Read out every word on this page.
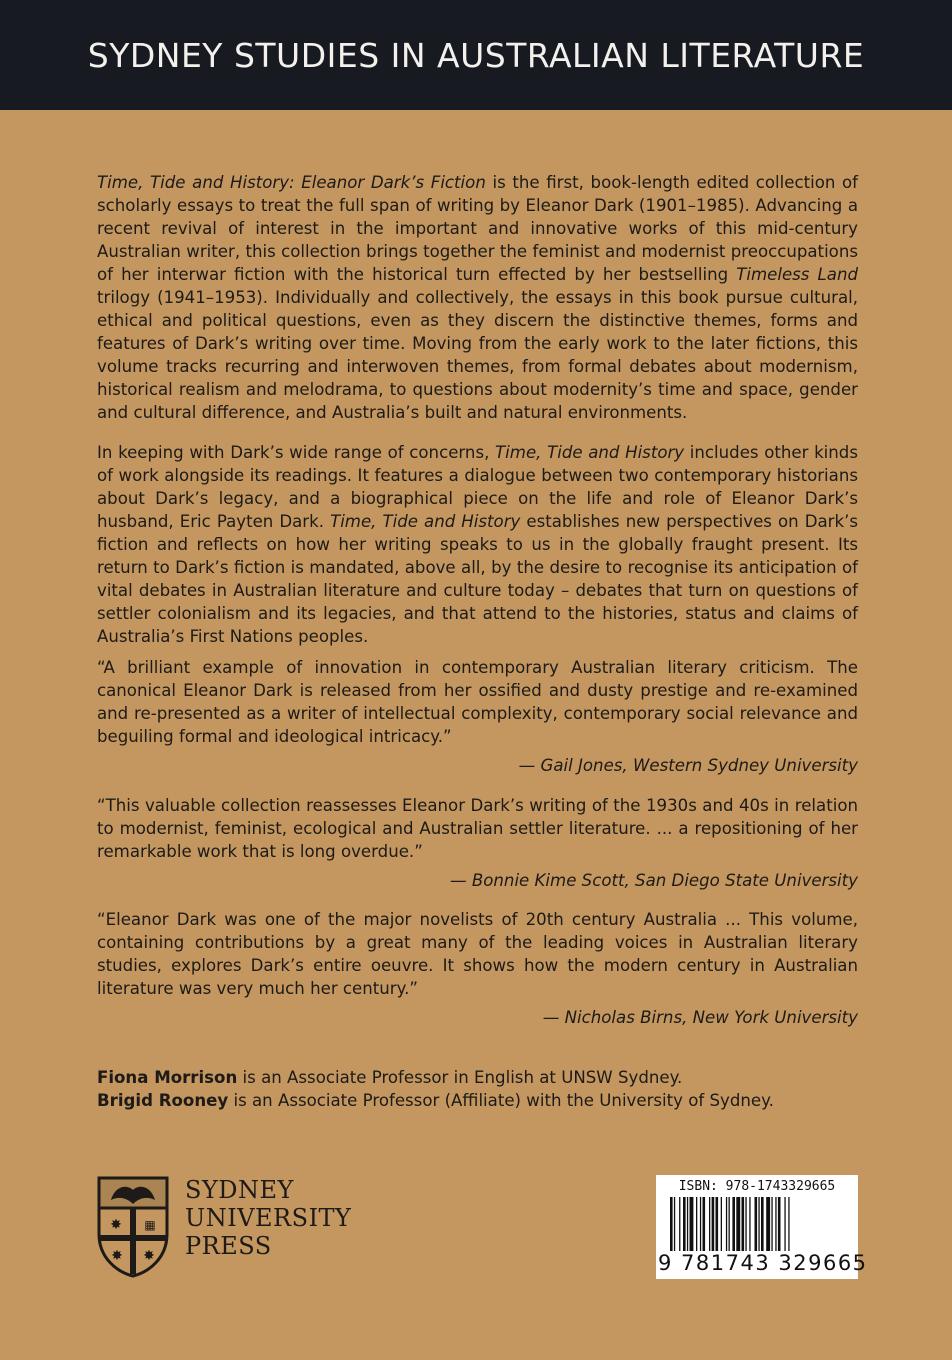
SYDNEY STUDIES IN AUSTRALIAN LITERATURE

Time, Tide and History: Eleanor Dark’s Fiction is the first, book-length edited collection of scholarly essays to treat the full span of writing by Eleanor Dark (1901–1985). Advancing a recent revival of interest in the important and innovative works of this mid-century Australian writer, this collection brings together the feminist and modernist preoccupations of her interwar fiction with the historical turn effected by her bestselling Timeless Land trilogy (1941–1953). Individually and collectively, the essays in this book pursue cultural, ethical and political questions, even as they discern the distinctive themes, forms and features of Dark’s writing over time. Moving from the early work to the later fictions, this volume tracks recurring and interwoven themes, from formal debates about modernism, historical realism and melodrama, to questions about modernity’s time and space, gender and cultural difference, and Australia’s built and natural environments.

In keeping with Dark’s wide range of concerns, Time, Tide and History includes other kinds of work alongside its readings. It features a dialogue between two contemporary historians about Dark’s legacy, and a biographical piece on the life and role of Eleanor Dark’s husband, Eric Payten Dark. Time, Tide and History establishes new perspectives on Dark’s fiction and reflects on how her writing speaks to us in the globally fraught present. Its return to Dark’s fiction is mandated, above all, by the desire to recognise its anticipation of vital debates in Australian literature and culture today – debates that turn on questions of settler colonialism and its legacies, and that attend to the histories, status and claims of Australia’s First Nations peoples.

“A brilliant example of innovation in contemporary Australian literary criticism. The canonical Eleanor Dark is released from her ossified and dusty prestige and re-examined and re-presented as a writer of intellectual complexity, contemporary social relevance and beguiling formal and ideological intricacy.”

— Gail Jones, Western Sydney University

“This valuable collection reassesses Eleanor Dark’s writing of the 1930s and 40s in relation to modernist, feminist, ecological and Australian settler literature. ... a repositioning of her remarkable work that is long overdue.”

— Bonnie Kime Scott, San Diego State University

“Eleanor Dark was one of the major novelists of 20th century Australia ... This volume, containing contributions by a great many of the leading voices in Australian literary studies, explores Dark’s entire oeuvre. It shows how the modern century in Australian literature was very much her century.”

— Nicholas Birns, New York University
Fiona Morrison is an Associate Professor in English at UNSW Sydney.
Brigid Rooney is an Associate Professor (Affiliate) with the University of Sydney.
✸ ▦
✸ ✸
SYDNEY
UNIVERSITY
PRESS
ISBN: 978-1743329665
9 781743 329665
